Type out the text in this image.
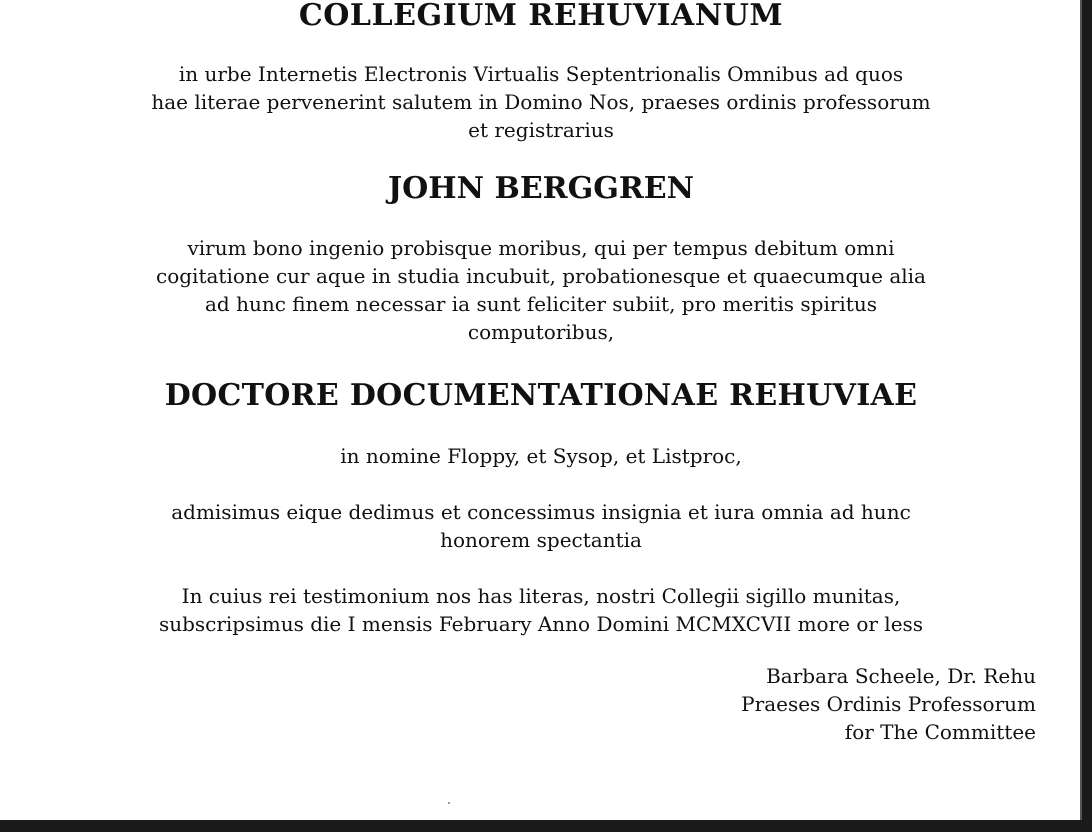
COLLEGIUM REHUVIANUM

in urbe Internetis Electronis Virtualis Septentrionalis Omnibus ad quos
hae literae pervenerint salutem in Domino Nos, praeses ordinis professorum
et registrarius

JOHN BERGGREN

virum bono ingenio probisque moribus, qui per tempus debitum omni
cogitatione cur aque in studia incubuit, probationesque et quaecumque alia
ad hunc finem necessar ia sunt feliciter subiit, pro meritis spiritus
computoribus,

DOCTORE DOCUMENTATIONAE REHUVIAE

in nomine Floppy, et Sysop, et Listproc,

admisimus eique dedimus et concessimus insignia et iura omnia ad hunc
honorem spectantia

In cuius rei testimonium nos has literas, nostri Collegii sigillo munitas,
subscripsimus die I mensis February Anno Domini MCMXCVII more or less

Barbara Scheele, Dr. Rehu
Praeses Ordinis Professorum
for The Committee
